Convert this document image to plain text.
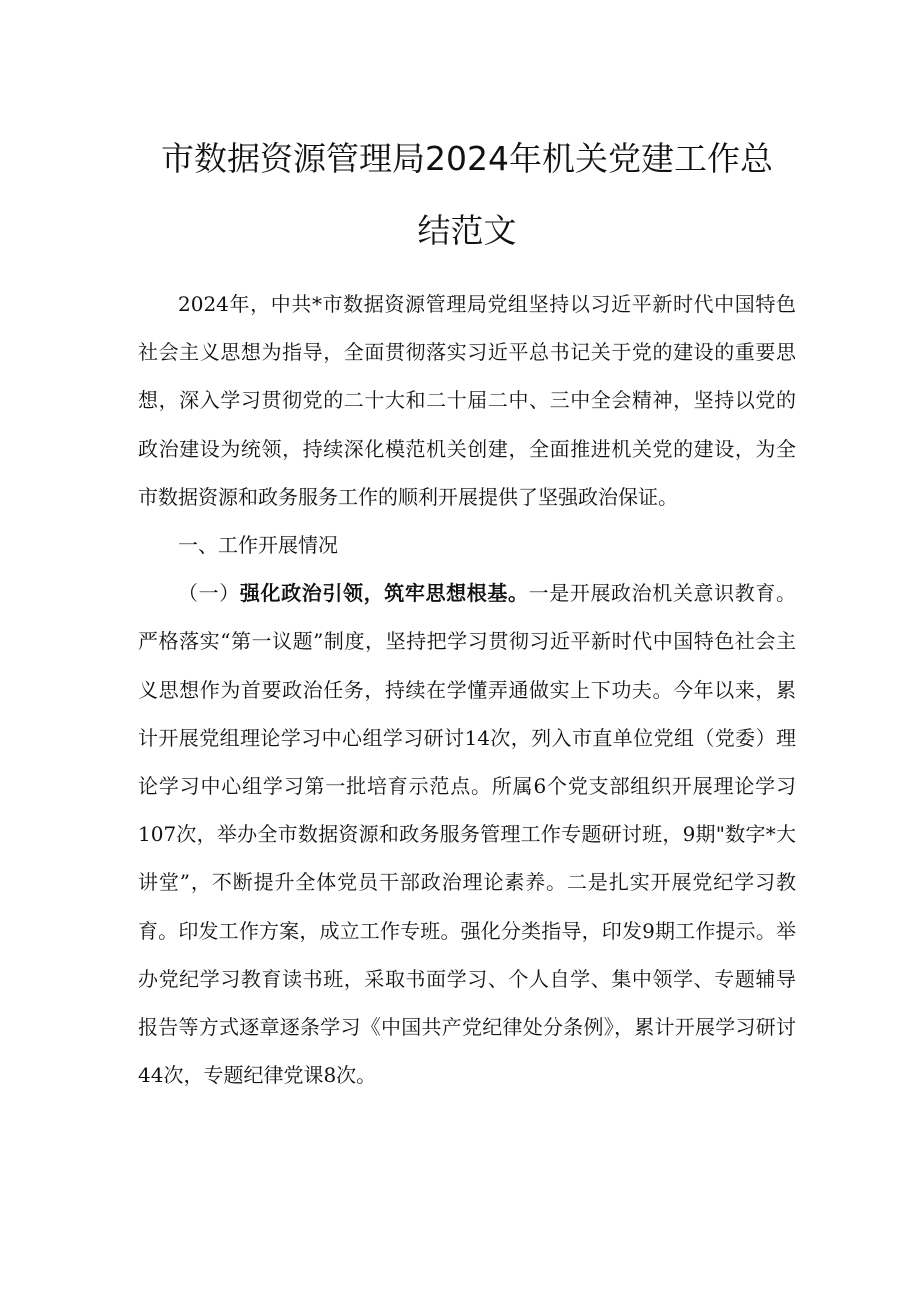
市数据资源管理局2024年机关党建工作总
结范文

2024年，中共*市数据资源管理局党组坚持以习近平新时代中国特色社会主义思想为指导，全面贯彻落实习近平总书记关于党的建设的重要思想，深入学习贯彻党的二十大和二十届二中、三中全会精神，坚持以党的政治建设为统领，持续深化模范机关创建，全面推进机关党的建设，为全市数据资源和政务服务工作的顺利开展提供了坚强政治保证。

一、工作开展情况

（一）强化政治引领，筑牢思想根基。一是开展政治机关意识教育。严格落实“第一议题”制度，坚持把学习贯彻习近平新时代中国特色社会主义思想作为首要政治任务，持续在学懂弄通做实上下功夫。今年以来，累计开展党组理论学习中心组学习研讨14次，列入市直单位党组（党委）理论学习中心组学习第一批培育示范点。所属6个党支部组织开展理论学习107次，举办全市数据资源和政务服务管理工作专题研讨班，9期"数字*大讲堂”，不断提升全体党员干部政治理论素养。二是扎实开展党纪学习教育。印发工作方案，成立工作专班。强化分类指导，印发9期工作提示。举办党纪学习教育读书班，采取书面学习、个人自学、集中领学、专题辅导报告等方式逐章逐条学习《中国共产党纪律处分条例》，累计开展学习研讨44次，专题纪律党课8次。
